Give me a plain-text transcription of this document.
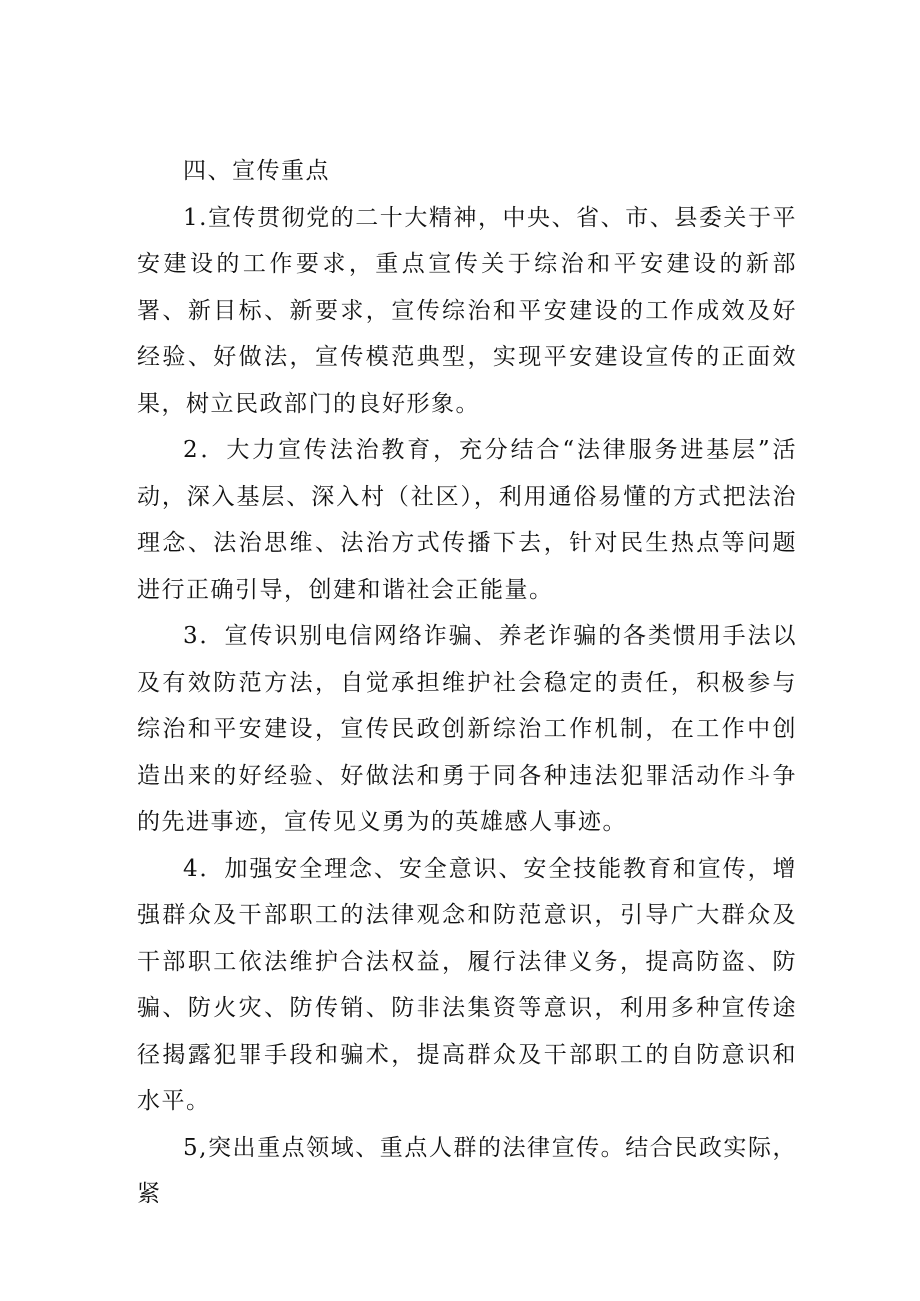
四、宣传重点

1.宣传贯彻党的二十大精神，中央、省、市、县委关于平安建设的工作要求，重点宣传关于综治和平安建设的新部署、新目标、新要求，宣传综治和平安建设的工作成效及好经验、好做法，宣传模范典型，实现平安建设宣传的正面效果，树立民政部门的良好形象。

2．大力宣传法治教育，充分结合“法律服务进基层”活动，深入基层、深入村（社区），利用通俗易懂的方式把法治理念、法治思维、法治方式传播下去，针对民生热点等问题进行正确引导，创建和谐社会正能量。

3．宣传识别电信网络诈骗、养老诈骗的各类惯用手法以及有效防范方法，自觉承担维护社会稳定的责任，积极参与综治和平安建设，宣传民政创新综治工作机制，在工作中创造出来的好经验、好做法和勇于同各种违法犯罪活动作斗争的先进事迹，宣传见义勇为的英雄感人事迹。

4．加强安全理念、安全意识、安全技能教育和宣传，增强群众及干部职工的法律观念和防范意识，引导广大群众及干部职工依法维护合法权益，履行法律义务，提高防盗、防骗、防火灾、防传销、防非法集资等意识，利用多种宣传途径揭露犯罪手段和骗术，提高群众及干部职工的自防意识和水平。

5,突出重点领域、重点人群的法律宣传。结合民政实际，紧
